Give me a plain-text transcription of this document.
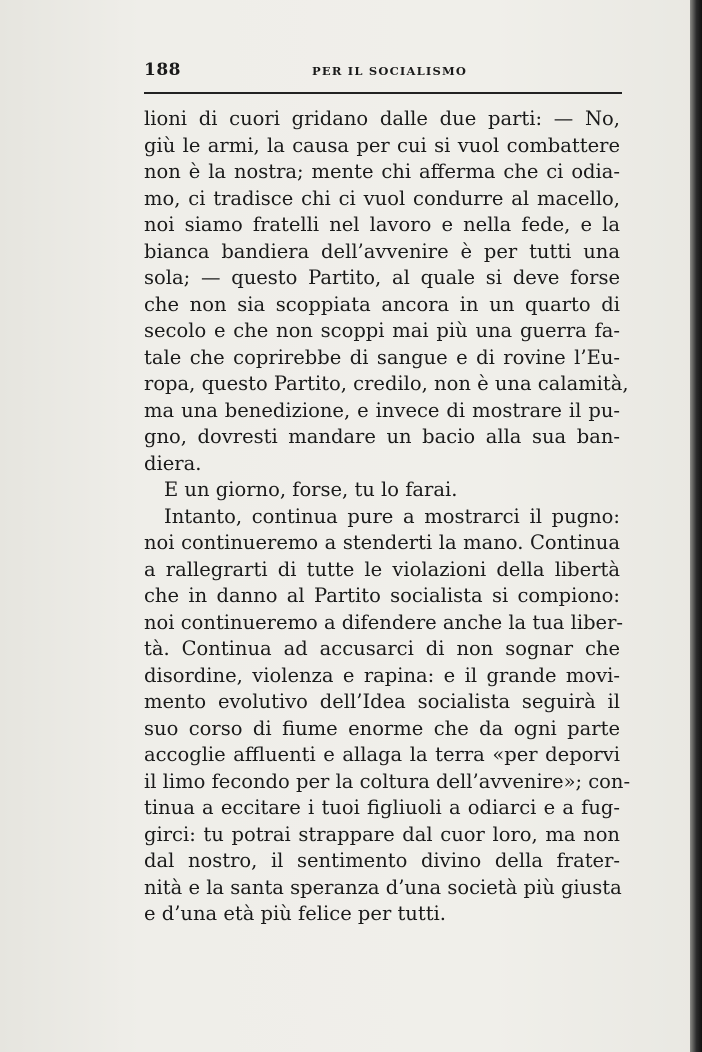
188	PER IL SOCIALISMO
lioni di cuori gridano dalle due parti: — No,
giù le armi, la causa per cui si vuol combattere
non è la nostra; mente chi afferma che ci odia-
mo, ci tradisce chi ci vuol condurre al macello,
noi siamo fratelli nel lavoro e nella fede, e la
bianca bandiera dell’avvenire è per tutti una
sola; — questo Partito, al quale si deve forse
che non sia scoppiata ancora in un quarto di
secolo e che non scoppi mai più una guerra fa-
tale che coprirebbe di sangue e di rovine l’Eu-
ropa, questo Partito, credilo, non è una calamità,
ma una benedizione, e invece di mostrare il pu-
gno, dovresti mandare un bacio alla sua ban-
diera.
E un giorno, forse, tu lo farai.
Intanto, continua pure a mostrarci il pugno:
noi continueremo a stenderti la mano. Continua
a rallegrarti di tutte le violazioni della libertà
che in danno al Partito socialista si compiono:
noi continueremo a difendere anche la tua liber-
tà. Continua ad accusarci di non sognar che
disordine, violenza e rapina: e il grande movi-
mento evolutivo dell’Idea socialista seguirà il
suo corso di fiume enorme che da ogni parte
accoglie affluenti e allaga la terra «per deporvi
il limo fecondo per la coltura dell’avvenire»; con-
tinua a eccitare i tuoi figliuoli a odiarci e a fug-
girci: tu potrai strappare dal cuor loro, ma non
dal nostro, il sentimento divino della frater-
nità e la santa speranza d’una società più giusta
e d’una età più felice per tutti.
